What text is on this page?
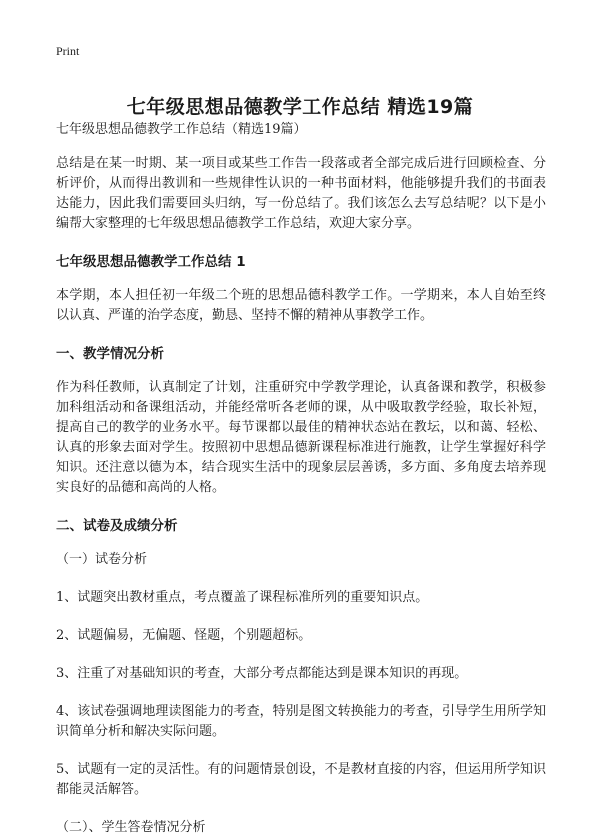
Print
七年级思想品德教学工作总结 精选19篇

七年级思想品德教学工作总结（精选19篇）

总结是在某一时期、某一项目或某些工作告一段落或者全部完成后进行回顾检查、分析评价，从而得出教训和一些规律性认识的一种书面材料，他能够提升我们的书面表达能力，因此我们需要回头归纳，写一份总结了。我们该怎么去写总结呢？以下是小编帮大家整理的七年级思想品德教学工作总结，欢迎大家分享。

七年级思想品德教学工作总结 1

本学期，本人担任初一年级二个班的思想品德科教学工作。一学期来，本人自始至终以认真、严谨的治学态度，勤恳、坚持不懈的精神从事教学工作。

一、教学情况分析

作为科任教师，认真制定了计划，注重研究中学教学理论，认真备课和教学，积极参加科组活动和备课组活动，并能经常听各老师的课，从中吸取教学经验，取长补短，提高自己的教学的业务水平。每节课都以最佳的精神状态站在教坛，以和蔼、轻松、认真的形象去面对学生。按照初中思想品德新课程标准进行施教，让学生掌握好科学知识。还注意以德为本，结合现实生活中的现象层层善诱，多方面、多角度去培养现实良好的品德和高尚的人格。

二、试卷及成绩分析

（一）试卷分析

1、试题突出教材重点，考点覆盖了课程标准所列的重要知识点。

2、试题偏易，无偏题、怪题，个别题超标。

3、注重了对基础知识的考查，大部分考点都能达到是课本知识的再现。

4、该试卷强调地理读图能力的考查，特别是图文转换能力的考查，引导学生用所学知识简单分析和解决实际问题。

5、试题有一定的灵活性。有的问题情景创设，不是教材直接的内容，但运用所学知识都能灵活解答。

（二）、学生答卷情况分析
